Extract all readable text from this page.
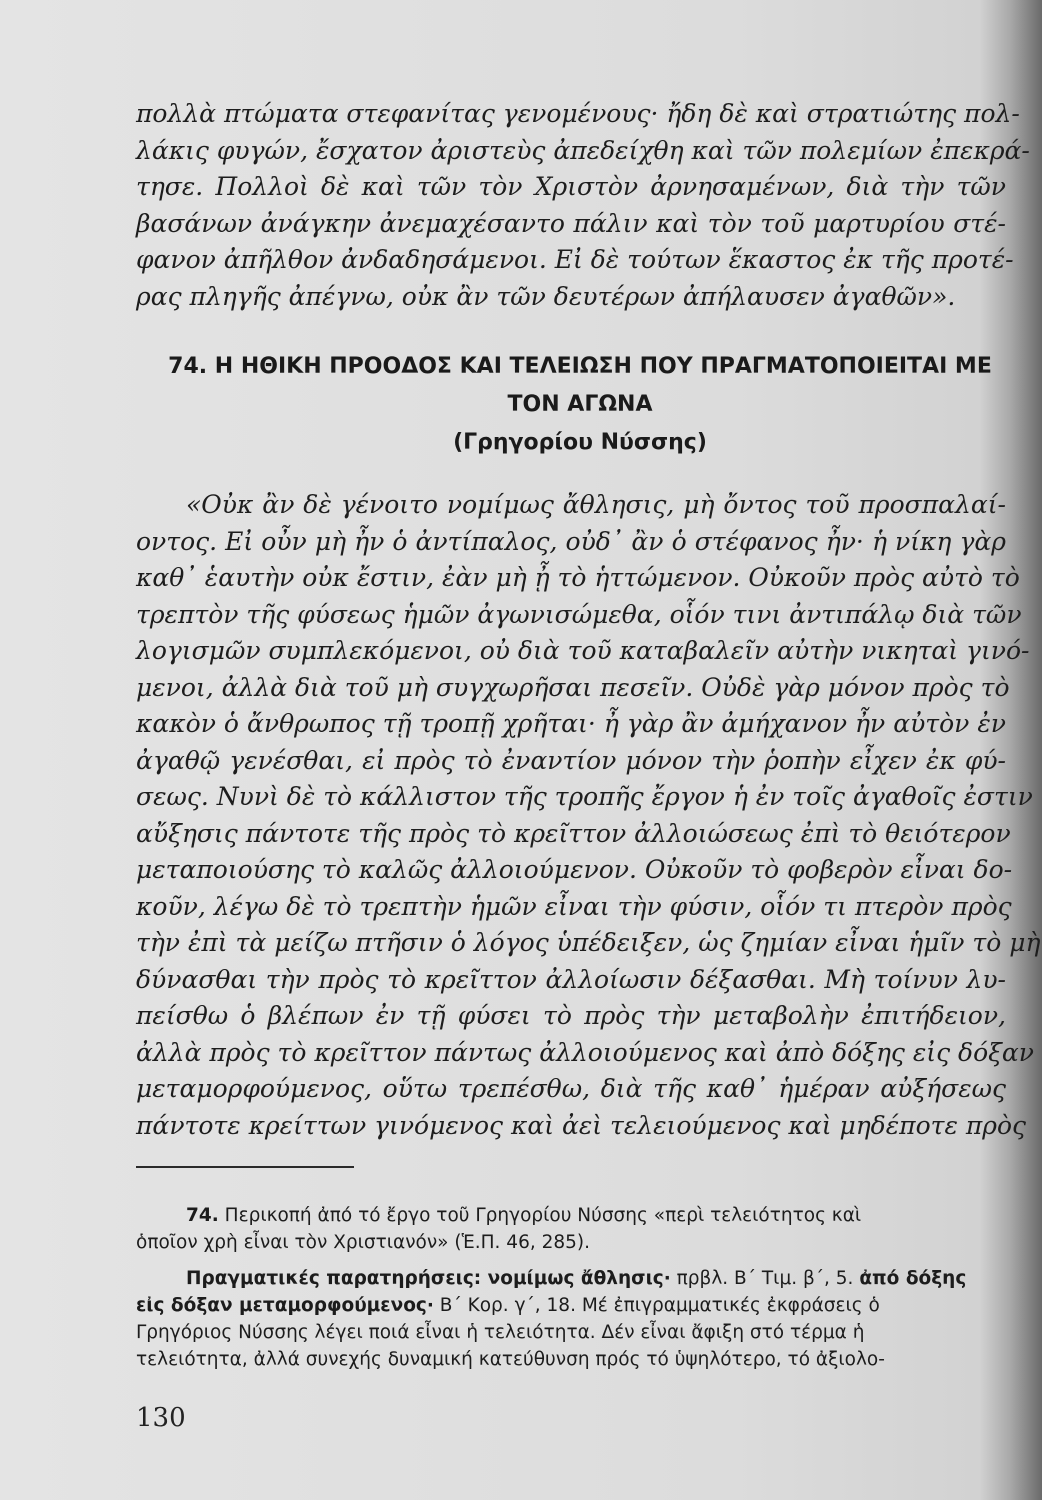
πολλὰ πτώματα στεφανίτας γενομένους· ἤδη δὲ καὶ στρατιώτης πολ-
λάκις φυγών, ἔσχατον ἀριστεὺς ἀπεδείχθη καὶ τῶν πολεμίων ἐπεκρά-
τησε. Πολλοὶ δὲ καὶ τῶν τὸν Χριστὸν ἀρνησαμένων, διὰ τὴν τῶν
βασάνων ἀνάγκην ἀνεμαχέσαντο πάλιν καὶ τὸν τοῦ μαρτυρίου στέ-
φανον ἀπῆλθον ἀνδαδησάμενοι. Εἰ δὲ τούτων ἕκαστος ἐκ τῆς προτέ-
ρας πληγῆς ἀπέγνω, οὐκ ἂν τῶν δευτέρων ἀπήλαυσεν ἀγαθῶν».
74. Η ΗΘΙΚΗ ΠΡΟΟΔΟΣ ΚΑΙ ΤΕΛΕΙΩΣΗ ΠΟΥ ΠΡΑΓΜΑΤΟΠΟΙΕΙΤΑΙ ΜΕ
ΤΟΝ ΑΓΩΝΑ
(Γρηγορίου Νύσσης)
«Οὐκ ἂν δὲ γένοιτο νομίμως ἄθλησις, μὴ ὄντος τοῦ προσπαλαί-
οντος. Εἰ οὖν μὴ ἦν ὁ ἀντίπαλος, οὐδ᾽ ἂν ὁ στέφανος ἦν· ἡ νίκη γὰρ
καθ᾽ ἑαυτὴν οὐκ ἔστιν, ἐὰν μὴ ᾖ τὸ ἡττώμενον. Οὐκοῦν πρὸς αὐτὸ τὸ
τρεπτὸν τῆς φύσεως ἡμῶν ἀγωνισώμεθα, οἷόν τινι ἀντιπάλῳ διὰ τῶν
λογισμῶν συμπλεκόμενοι, οὐ διὰ τοῦ καταβαλεῖν αὐτὴν νικηταὶ γινό-
μενοι, ἀλλὰ διὰ τοῦ μὴ συγχωρῆσαι πεσεῖν. Οὐδὲ γὰρ μόνον πρὸς τὸ
κακὸν ὁ ἄνθρωπος τῇ τροπῇ χρῆται· ἦ γὰρ ἂν ἀμήχανον ἦν αὐτὸν ἐν
ἀγαθῷ γενέσθαι, εἰ πρὸς τὸ ἐναντίον μόνον τὴν ῥοπὴν εἶχεν ἐκ φύ-
σεως. Νυνὶ δὲ τὸ κάλλιστον τῆς τροπῆς ἔργον ἡ ἐν τοῖς ἀγαθοῖς ἐστιν
αὔξησις πάντοτε τῆς πρὸς τὸ κρεῖττον ἀλλοιώσεως ἐπὶ τὸ θειότερον
μεταποιούσης τὸ καλῶς ἀλλοιούμενον. Οὐκοῦν τὸ φοβερὸν εἶναι δο-
κοῦν, λέγω δὲ τὸ τρεπτὴν ἡμῶν εἶναι τὴν φύσιν, οἷόν τι πτερὸν πρὸς
τὴν ἐπὶ τὰ μείζω πτῆσιν ὁ λόγος ὑπέδειξεν, ὡς ζημίαν εἶναι ἡμῖν τὸ μὴ
δύνασθαι τὴν πρὸς τὸ κρεῖττον ἀλλοίωσιν δέξασθαι. Μὴ τοίνυν λυ-
πείσθω ὁ βλέπων ἐν τῇ φύσει τὸ πρὸς τὴν μεταβολὴν ἐπιτήδειον,
ἀλλὰ πρὸς τὸ κρεῖττον πάντως ἀλλοιούμενος καὶ ἀπὸ δόξης εἰς δόξαν
μεταμορφούμενος, οὕτω τρεπέσθω, διὰ τῆς καθ᾽ ἡμέραν αὐξήσεως
πάντοτε κρείττων γινόμενος καὶ ἀεὶ τελειούμενος καὶ μηδέποτε πρὸς
74. Περικοπή ἀπό τό ἔργο τοῦ Γρηγορίου Νύσσης «περὶ τελειότητος καὶ
ὁποῖον χρὴ εἶναι τὸν Χριστιανόν» (Ἑ.Π. 46, 285).
Πραγματικές παρατηρήσεις: νομίμως ἄθλησις· πρβλ. Β΄ Τιμ. β΄, 5. ἀπό δόξης
εἰς δόξαν μεταμορφούμενος· Β΄ Κορ. γ΄, 18. Μέ ἐπιγραμματικές ἐκφράσεις ὁ
Γρηγόριος Νύσσης λέγει ποιά εἶναι ἡ τελειότητα. Δέν εἶναι ἄφιξη στό τέρμα ἡ
τελειότητα, ἀλλά συνεχής δυναμική κατεύθυνση πρός τό ὑψηλότερο, τό ἀξιολο-
130
